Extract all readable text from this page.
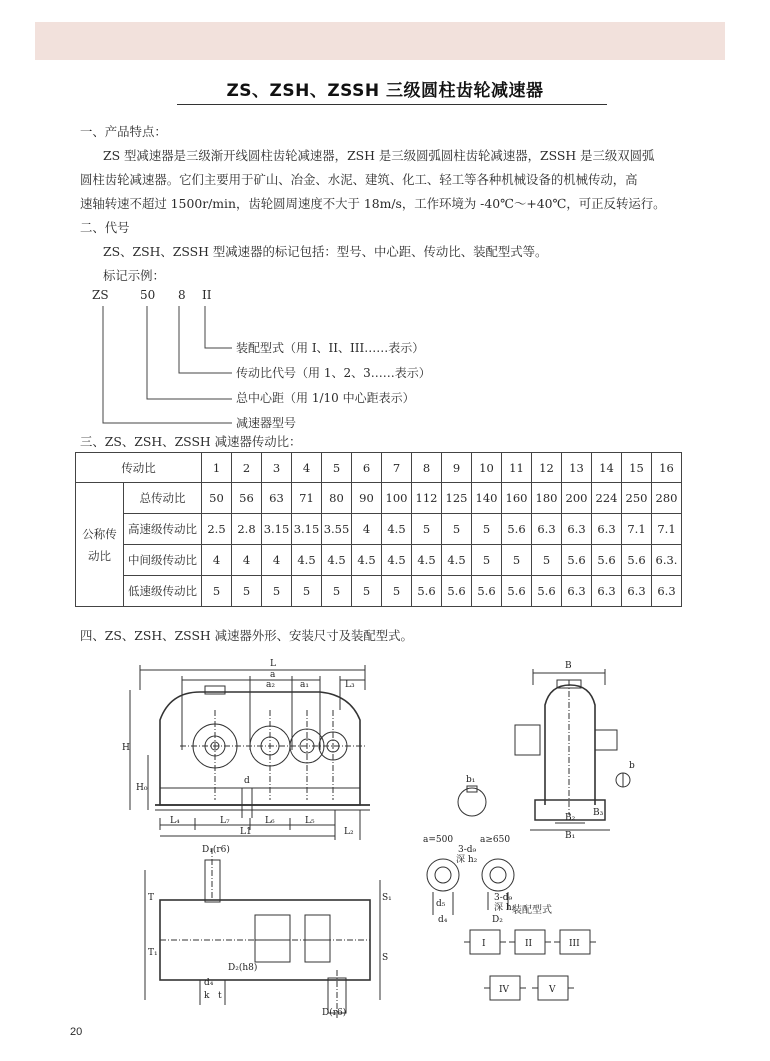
ZS、ZSH、ZSSH 三级圆柱齿轮减速器
一、产品特点：
ZS 型减速器是三级渐开线圆柱齿轮减速器，ZSH 是三级圆弧圆柱齿轮减速器，ZSSH 是三级双圆弧
圆柱齿轮减速器。它们主要用于矿山、冶金、水泥、建筑、化工、轻工等各种机械设备的机械传动，高
速轴转速不超过 1500r/min，齿轮圆周速度不大于 18m/s，工作环境为 -40℃～+40℃，可正反转运行。
二、代号
ZS、ZSH、ZSSH 型减速器的标记包括：型号、中心距、传动比、装配型式等。
标记示例：
ZS	50 8 II
装配型式（用 I、II、III……表示）
传动比代号（用 1、2、3……表示）
总中心距（用 1/10 中心距表示）
减速器型号
三、ZS、ZSH、ZSSH 减速器传动比：
传动比		1	2	3	4	5	6	7	8	9	10	11	12	13	14	15	16
公称传
动比	总传动比	50	56	63	71	80	90	100	112	125	140	160	180	200	224	250	280
	高速级传动比	2.5	2.8	3.15	3.15	3.55	4	4.5	5	5	5	5.6	6.3	6.3	6.3	7.1	7.1
	中间级传动比	4	4	4	4.5	4.5	4.5	4.5	4.5	4.5	5	5	5	5.6	5.6	5.6	6.3.
	低速级传动比	5	5	5	5	5	5	5	5.6	5.6	5.6	5.6	5.6	6.3	6.3	6.3	6.3
四、ZS、ZSH、ZSSH 减速器外形、安装尺寸及装配型式。
L
a
a₂	a₁	L₃
H
H₀
d
L₄	L₇	L₆	L₅
L1	L₂
B
b
B₃
B₂
B₁
b₁
D₁(r6)
T
T₁
S₁
S
D₂(h8)
d₄
k t
D(r6)
a=500	a≥650
3-d₉
深 h₂
3-d₉
深 h₂
d₅
d₄	D₂
装配型式
I	II	III
IV	V
20
